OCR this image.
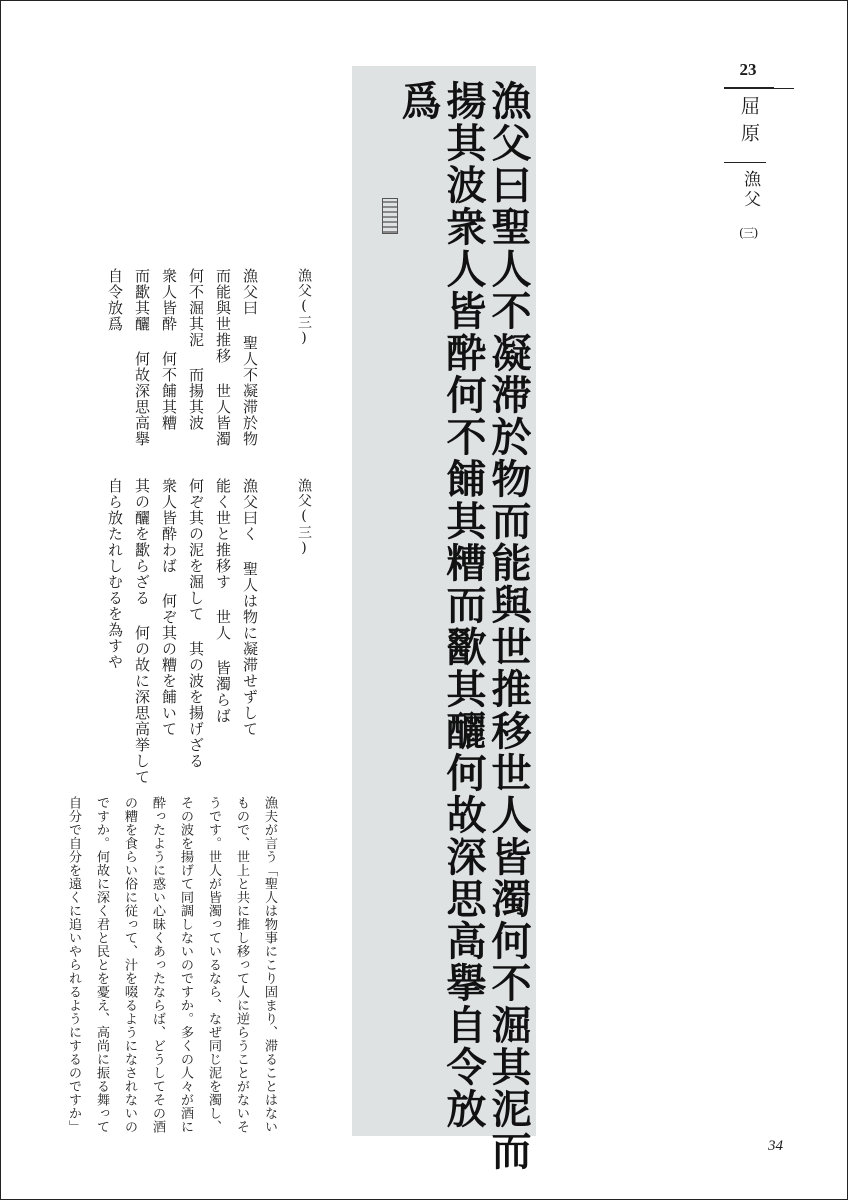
23
屈原
漁父
(三)
漁父曰聖人不凝滞於物而能與世推移世人皆濁何不淈其泥而
揚其波衆人皆酔何不餔其糟而歠其釃何故深思高擧自令放
爲
漁父(三)

漁父曰 聖人不凝滞於物
而能與世推移 世人皆濁
何不淈其泥 而揚其波
衆人皆酔 何不餔其糟
而歠其釃 何故深思高擧
自令放爲
漁父(三)

漁父曰く 聖人は物に凝滞せずして
能く世と推移す 世人 皆濁らば
何ぞ其の泥を淈して 其の波を揚げざる
衆人皆酔わば 何ぞ其の糟を餔いて
其の釃を歠らざる 何の故に深思高挙して
自ら放たれしむるを為すや
漁夫が言う「聖人は物事にこり固まり、滞ることはない
もので、世上と共に推し移って人に逆らうことがないそ
うです。世人が皆濁っているなら、なぜ同じ泥を濁し、
その波を揚げて同調しないのですか。多くの人々が酒に
酔ったように惑い心昧くあったならば、どうしてその酒
の糟を食らい俗に従って、汁を啜るようになされないの
ですか。何故に深く君と民とを憂え、高尚に振る舞って
自分で自分を遠くに追いやられるようにするのですか」
34
